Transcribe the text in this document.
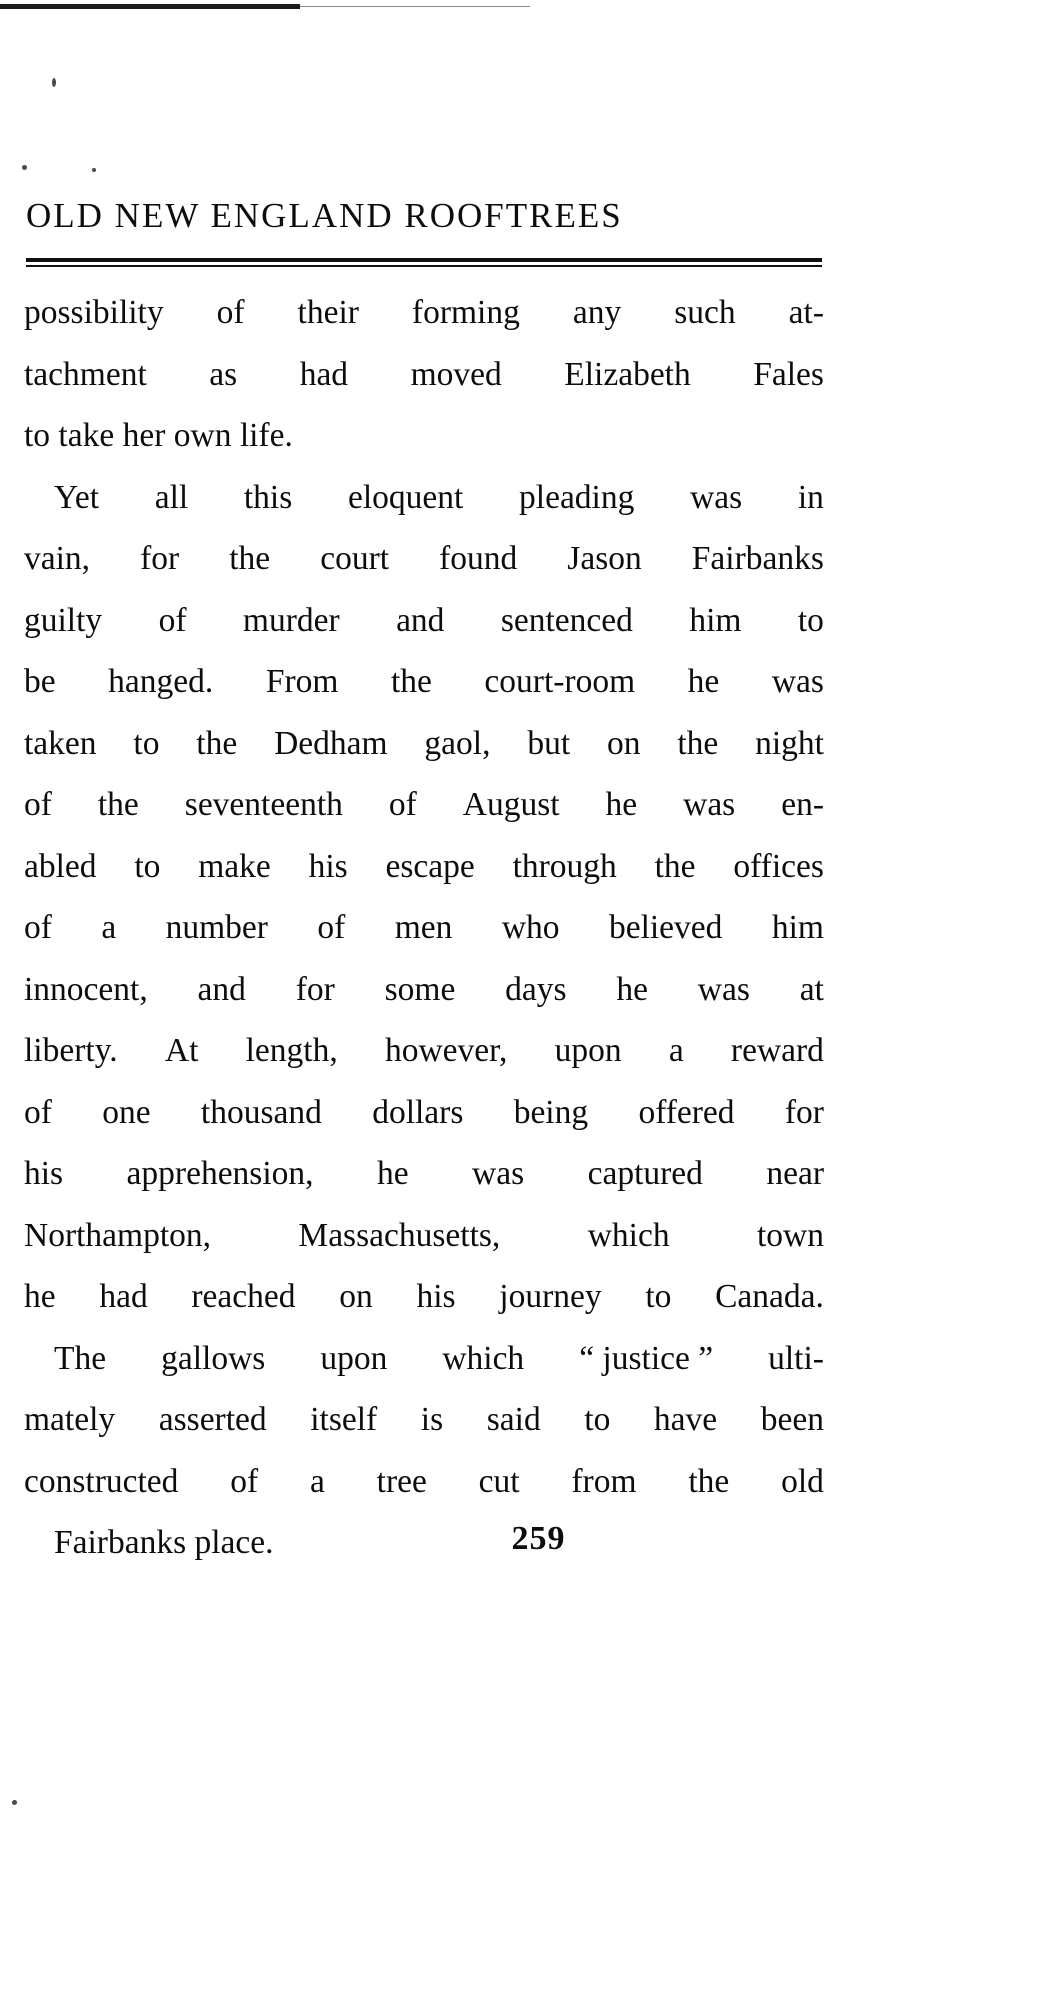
OLD NEW ENGLAND ROOFTREES

possibility of their forming any such at-
tachment as had moved Elizabeth Fales
to take her own life.

Yet all this eloquent pleading was in
vain, for the court found Jason Fairbanks
guilty of murder and sentenced him to
be hanged. From the court-room he was
taken to the Dedham gaol, but on the night
of the seventeenth of August he was en-
abled to make his escape through the offices
of a number of men who believed him
innocent, and for some days he was at
liberty. At length, however, upon a reward
of one thousand dollars being offered for
his apprehension, he was captured near
Northampton,	Massachusetts,	which	town
he had reached on his journey to Canada.

The gallows upon which “ justice ” ulti-
mately asserted itself is said to have been
constructed of a tree cut from the old
Fairbanks place.	259
